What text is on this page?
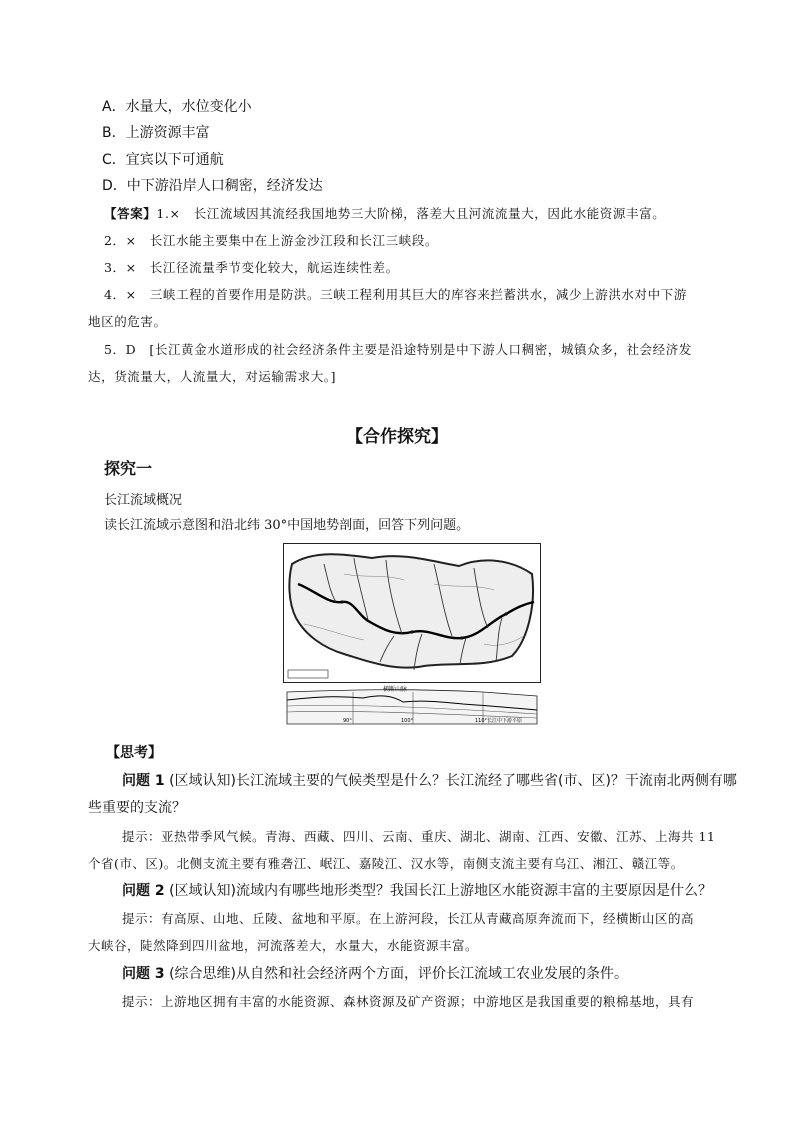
A．水量大，水位变化小
B．上游资源丰富
C．宜宾以下可通航
D．中下游沿岸人口稠密，经济发达
【答案】1.×　长江流域因其流经我国地势三大阶梯，落差大且河流流量大，因此水能资源丰富。
2．×　长江水能主要集中在上游金沙江段和长江三峡段。
3．×　长江径流量季节变化较大，航运连续性差。
4．×　三峡工程的首要作用是防洪。三峡工程利用其巨大的库容来拦蓄洪水，减少上游洪水对中下游
地区的危害。
5．D　[长江黄金水道形成的社会经济条件主要是沿途特别是中下游人口稠密，城镇众多，社会经济发
达，货流量大，人流量大，对运输需求大。]
【合作探究】
探究一
长江流域概况
读长江流域示意图和沿北纬 30°中国地势剖面，回答下列问题。
横断山脉
90°	100°	110°长江中下游平原
【思考】
问题 1 (区域认知)长江流域主要的气候类型是什么？长江流经了哪些省(市、区)？干流南北两侧有哪
些重要的支流？
提示：亚热带季风气候。青海、西藏、四川、云南、重庆、湖北、湖南、江西、安徽、江苏、上海共 11
个省(市、区)。北侧支流主要有雅砻江、岷江、嘉陵江、汉水等，南侧支流主要有乌江、湘江、赣江等。
问题 2 (区域认知)流域内有哪些地形类型？我国长江上游地区水能资源丰富的主要原因是什么？
提示：有高原、山地、丘陵、盆地和平原。在上游河段，长江从青藏高原奔流而下，经横断山区的高
大峡谷，陡然降到四川盆地，河流落差大，水量大，水能资源丰富。
问题 3 (综合思维)从自然和社会经济两个方面，评价长江流域工农业发展的条件。
提示：上游地区拥有丰富的水能资源、森林资源及矿产资源；中游地区是我国重要的粮棉基地，具有
